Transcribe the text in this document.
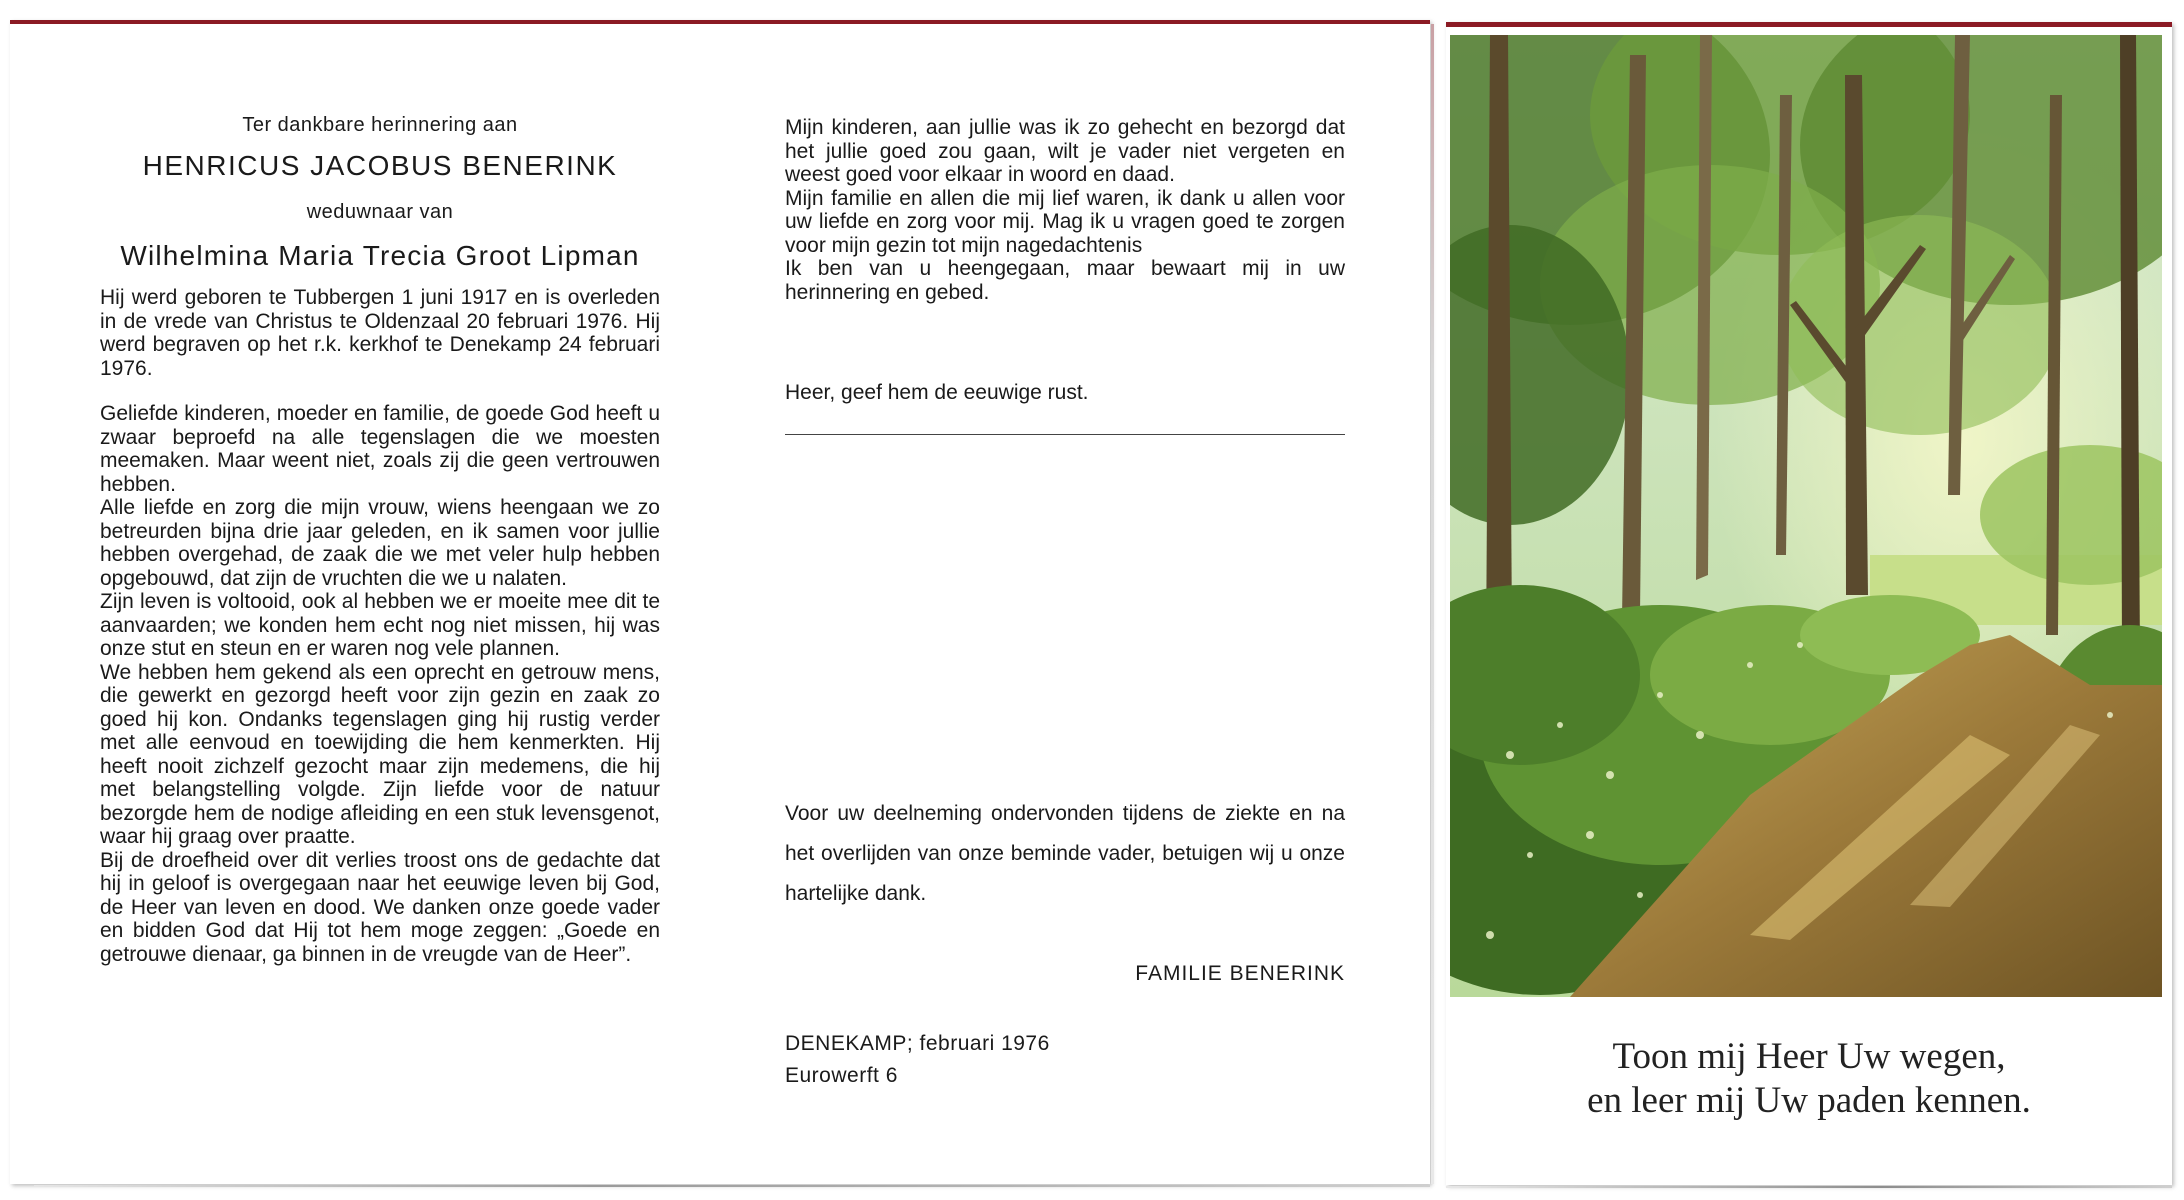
Ter dankbare herinnering aan
HENRICUS JACOBUS BENERINK
weduwnaar van
Wilhelmina Maria Trecia Groot Lipman
Hij werd geboren te Tubbergen 1 juni 1917 en is overleden in de vrede van Christus te Oldenzaal 20 februari 1976. Hij werd begraven op het r.k. kerkhof te Denekamp 24 februari 1976.

Geliefde kinderen, moeder en familie, de goede God heeft u zwaar beproefd na alle tegenslagen die we moesten meemaken. Maar weent niet, zoals zij die geen vertrouwen hebben.

Alle liefde en zorg die mijn vrouw, wiens heengaan we zo betreurden bijna drie jaar geleden, en ik samen voor jullie hebben overgehad, de zaak die we met veler hulp hebben opgebouwd, dat zijn de vruchten die we u nalaten.

Zijn leven is voltooid, ook al hebben we er moeite mee dit te aanvaarden; we konden hem echt nog niet missen, hij was onze stut en steun en er waren nog vele plannen.

We hebben hem gekend als een oprecht en getrouw mens, die gewerkt en gezorgd heeft voor zijn gezin en zaak zo goed hij kon. Ondanks tegenslagen ging hij rustig verder met alle eenvoud en toewijding die hem kenmerkten. Hij heeft nooit zichzelf gezocht maar zijn medemens, die hij met belangstelling volgde. Zijn liefde voor de natuur bezorgde hem de nodige afleiding en een stuk levensgenot, waar hij graag over praatte.

Bij de droefheid over dit verlies troost ons de gedachte dat hij in geloof is overgegaan naar het eeuwige leven bij God, de Heer van leven en dood. We danken onze goede vader en bidden God dat Hij tot hem moge zeggen: „Goede en getrouwe dienaar, ga binnen in de vreugde van de Heer”.

Mijn kinderen, aan jullie was ik zo gehecht en bezorgd dat het jullie goed zou gaan, wilt je vader niet vergeten en weest goed voor elkaar in woord en daad.

Mijn familie en allen die mij lief waren, ik dank u allen voor uw liefde en zorg voor mij. Mag ik u vragen goed te zorgen voor mijn gezin tot mijn nagedachtenis

Ik ben van u heengegaan, maar bewaart mij in uw herinnering en gebed.

Heer, geef hem de eeuwige rust.
Voor uw deelneming ondervonden tijdens de ziekte en na het overlijden van onze beminde vader, betuigen wij u onze hartelijke dank.
FAMILIE BENERINK
DENEKAMP; februari 1976
Eurowerft 6	Toon mij Heer Uw wegen,
en leer mij Uw paden kennen.
